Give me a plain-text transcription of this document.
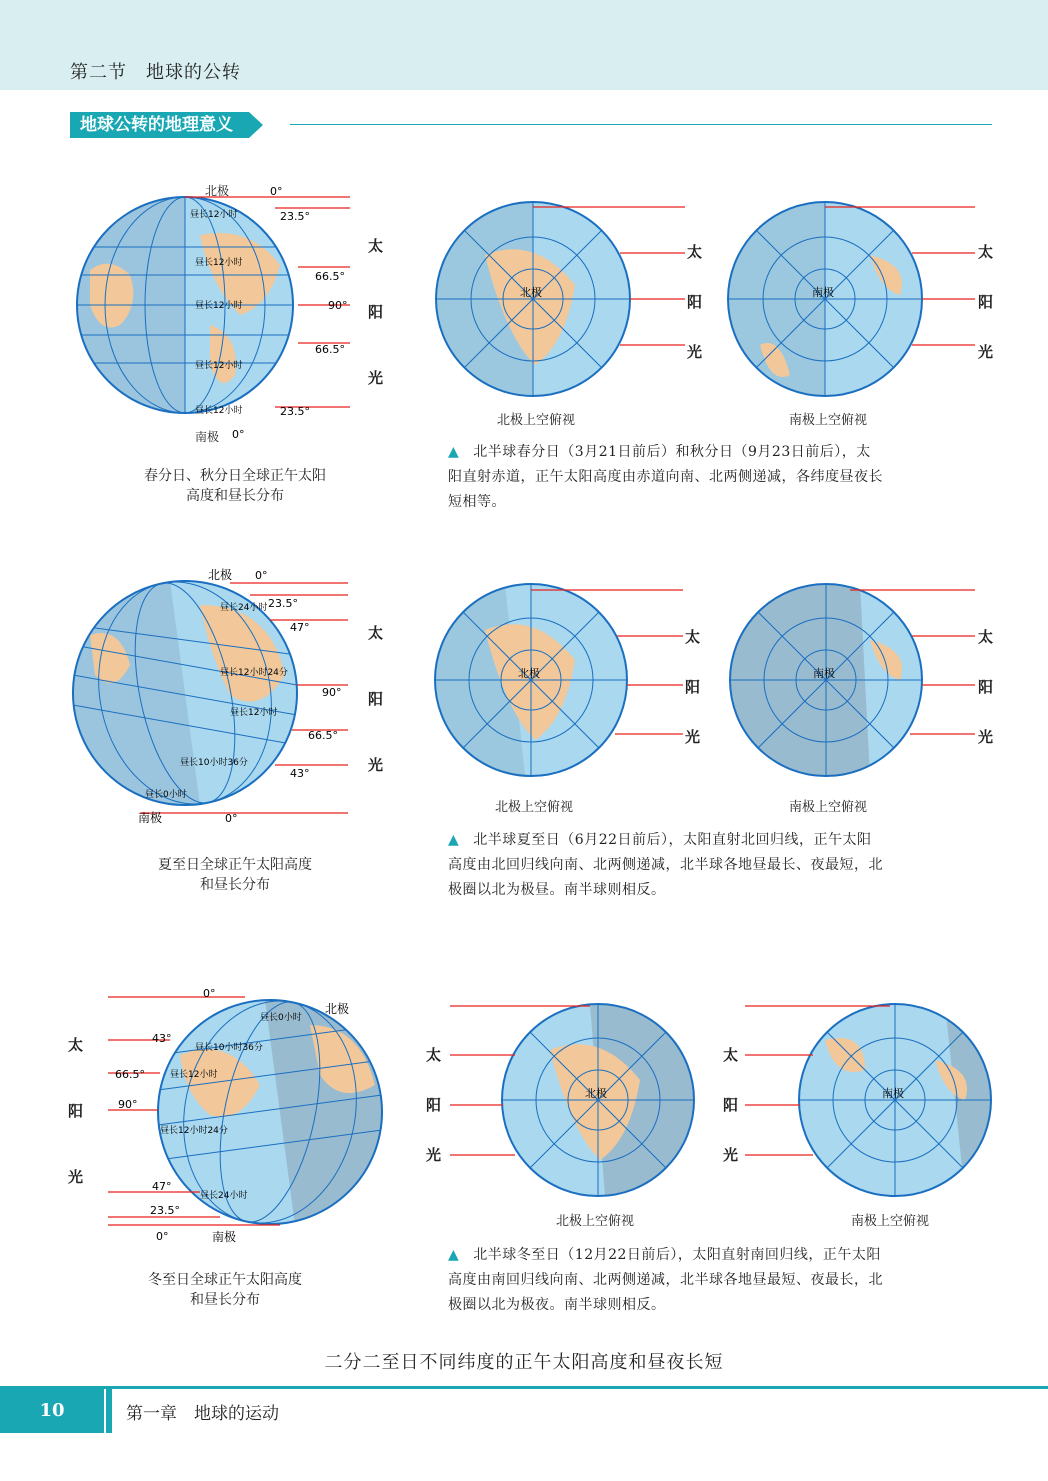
第二节　地球的公转
地球公转的地理意义
北极
南极
0°
23.5°
66.5°
90°
66.5°
23.5°
0°
昼长12小时
昼长12小时
昼长12小时
昼长12小时
昼长12小时
太
阳
光
春分日、秋分日全球正午太阳
高度和昼长分布
北极
太
阳
光
北极上空俯视
南极
太
阳
光
南极上空俯视
▲ 北半球春分日（3月21日前后）和秋分日（9月23日前后），太
阳直射赤道，正午太阳高度由赤道向南、北两侧递减，各纬度昼夜长
短相等。
北极
南极
0°
23.5°
47°
90°
66.5°
43°
0°
昼长24小时
昼长12小时24分
昼长12小时
昼长10小时36分
昼长0小时
太
阳
光
夏至日全球正午太阳高度
和昼长分布
北极
太
阳
光
北极上空俯视
南极
太
阳
光
南极上空俯视
▲ 北半球夏至日（6月22日前后），太阳直射北回归线，正午太阳
高度由北回归线向南、北两侧递减，北半球各地昼最长、夜最短，北
极圈以北为极昼。南半球则相反。
北极
南极
0°
43°
66.5°
90°
47°
23.5°
0°
昼长0小时
昼长10小时36分
昼长12小时
昼长12小时24分
昼长24小时
太
阳
光
冬至日全球正午太阳高度
和昼长分布
北极
太
阳
光
北极上空俯视
南极
太
阳
光
南极上空俯视
▲ 北半球冬至日（12月22日前后），太阳直射南回归线，正午太阳
高度由南回归线向南、北两侧递减，北半球各地昼最短、夜最长，北
极圈以北为极夜。南半球则相反。
二分二至日不同纬度的正午太阳高度和昼夜长短
10	第一章　地球的运动
